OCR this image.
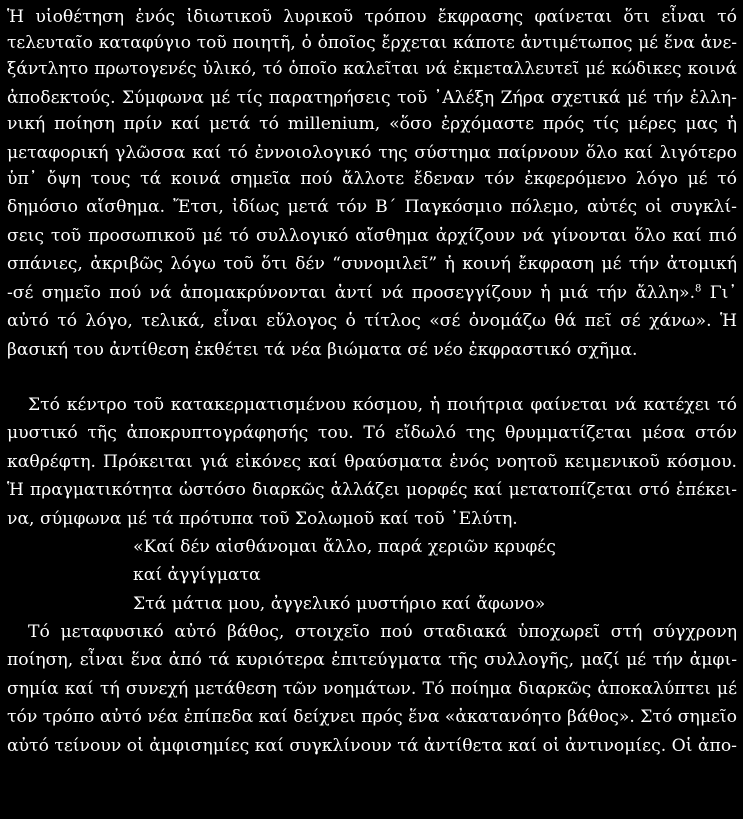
Ἡ υἱοθέτηση ἑνός ἰδιωτικοῦ λυρικοῦ τρόπου ἔκφρασης φαίνεται ὅτι εἶναι τό
τελευταῖο καταφύγιο τοῦ ποιητῆ, ὁ ὁποῖος ἔρχεται κάποτε ἀντιμέτωπος μέ ἕνα ἀνε-
ξάντλητο πρωτογενές ὑλικό, τό ὁποῖο καλεῖται νά ἐκμεταλλευτεῖ μέ κώδικες κοινά
ἀποδεκτούς. Σύμφωνα μέ τίς παρατηρήσεις τοῦ ᾿Αλέξη Ζήρα σχετικά μέ τήν ἑλλη-
νική ποίηση πρίν καί μετά τό millenium, «ὅσο ἐρχόμαστε πρός τίς μέρες μας ἡ
μεταφορική γλῶσσα καί τό ἐννοιολογικό της σύστημα παίρνουν ὅλο καί λιγότερο
ὑπ᾿ ὄψη τους τά κοινά σημεῖα πού ἄλλοτε ἔδεναν τόν ἐκφερόμενο λόγο μέ τό
δημόσιο αἴσθημα. Ἔτσι, ἰδίως μετά τόν Β΄ Παγκόσμιο πόλεμο, αὐτές οἱ συγκλί-
σεις τοῦ προσωπικοῦ μέ τό συλλογικό αἴσθημα ἀρχίζουν νά γίνονται ὅλο καί πιό
σπάνιες, ἀκριβῶς λόγω τοῦ ὅτι δέν “συνομιλεῖ” ἡ κοινή ἔκφραση μέ τήν ἀτομική
-σέ σημεῖο πού νά ἀπομακρύνονται ἀντί νά προσεγγίζουν ἡ μιά τήν ἄλλη».$^8$ Γι᾿
αὐτό τό λόγο, τελικά, εἶναι εὔλογος ὁ τίτλος «σέ ὀνομάζω θά πεῖ σέ χάνω». Ἡ
βασική του ἀντίθεση ἐκθέτει τά νέα βιώματα σέ νέο ἐκφραστικό σχῆμα.
Στό κέντρο τοῦ κατακερματισμένου κόσμου, ἡ ποιήτρια φαίνεται νά κατέχει τό
μυστικό τῆς ἀποκρυπτογράφησής του. Τό εἴδωλό της θρυμματίζεται μέσα στόν
καθρέφτη. Πρόκειται γιά εἰκόνες καί θραύσματα ἑνός νοητοῦ κειμενικοῦ κόσμου.
Ἡ πραγματικότητα ὡστόσο διαρκῶς ἀλλάζει μορφές καί μετατοπίζεται στό ἐπέκει-
να, σύμφωνα μέ τά πρότυπα τοῦ Σολωμοῦ καί τοῦ ᾿Ελύτη.
«Καί δέν αἰσθάνομαι ἄλλο, παρά χεριῶν κρυφές
καί ἀγγίγματα
Στά μάτια μου, ἀγγελικό μυστήριο καί ἄφωνο»
Τό μεταφυσικό αὐτό βάθος, στοιχεῖο πού σταδιακά ὑποχωρεῖ στή σύγχρονη
ποίηση, εἶναι ἕνα ἀπό τά κυριότερα ἐπιτεύγματα τῆς συλλογῆς, μαζί μέ τήν ἀμφι-
σημία καί τή συνεχή μετάθεση τῶν νοημάτων. Τό ποίημα διαρκῶς ἀποκαλύπτει μέ
τόν τρόπο αὐτό νέα ἐπίπεδα καί δείχνει πρός ἕνα «ἀκατανόητο βάθος». Στό σημεῖο
αὐτό τείνουν οἱ ἀμφισημίες καί συγκλίνουν τά ἀντίθετα καί οἱ ἀντινομίες. Οἱ ἀπο-
